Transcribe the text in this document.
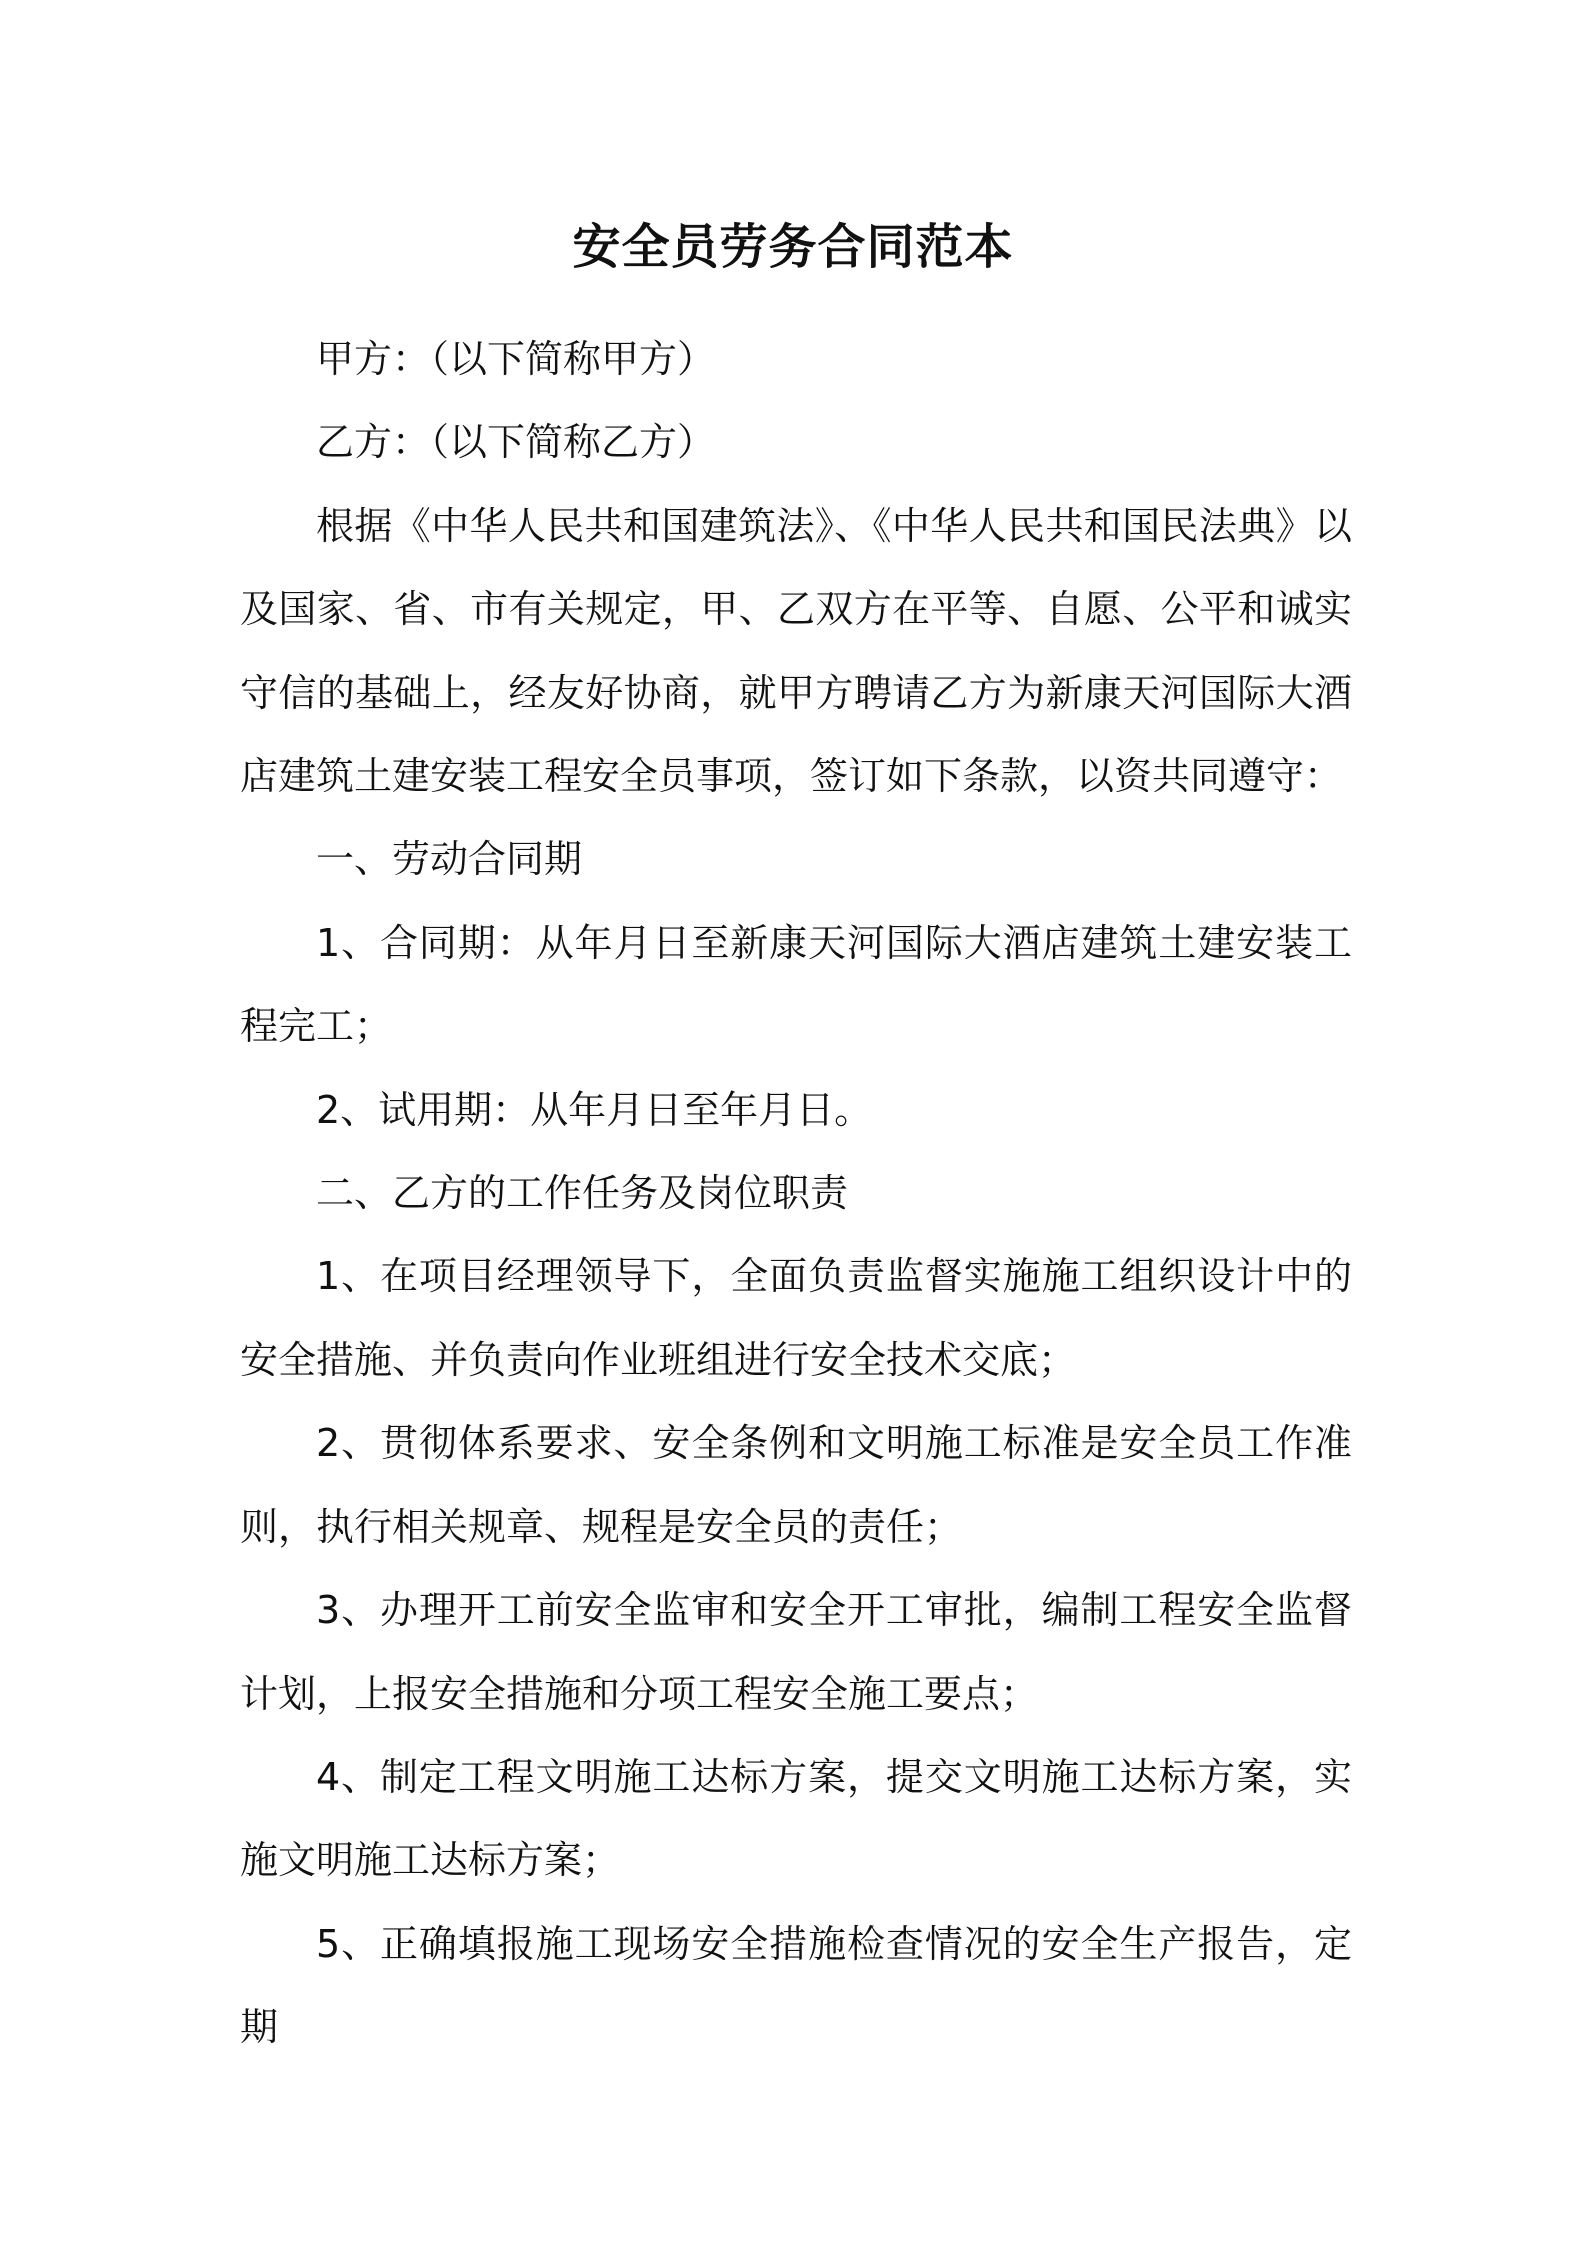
安全员劳务合同范本

甲方：（以下简称甲方）

乙方：（以下简称乙方）

根据《中华人民共和国建筑法》、《中华人民共和国民法典》以及国家、省、市有关规定，甲、乙双方在平等、自愿、公平和诚实守信的基础上，经友好协商，就甲方聘请乙方为新康天河国际大酒店建筑土建安装工程安全员事项，签订如下条款，以资共同遵守：

一、劳动合同期

1、合同期：从年月日至新康天河国际大酒店建筑土建安装工程完工；

2、试用期：从年月日至年月日。

二、乙方的工作任务及岗位职责

1、在项目经理领导下，全面负责监督实施施工组织设计中的安全措施、并负责向作业班组进行安全技术交底；

2、贯彻体系要求、安全条例和文明施工标准是安全员工作准则，执行相关规章、规程是安全员的责任；

3、办理开工前安全监审和安全开工审批，编制工程安全监督计划，上报安全措施和分项工程安全施工要点；

4、制定工程文明施工达标方案，提交文明施工达标方案，实施文明施工达标方案；

5、正确填报施工现场安全措施检查情况的安全生产报告，定期
